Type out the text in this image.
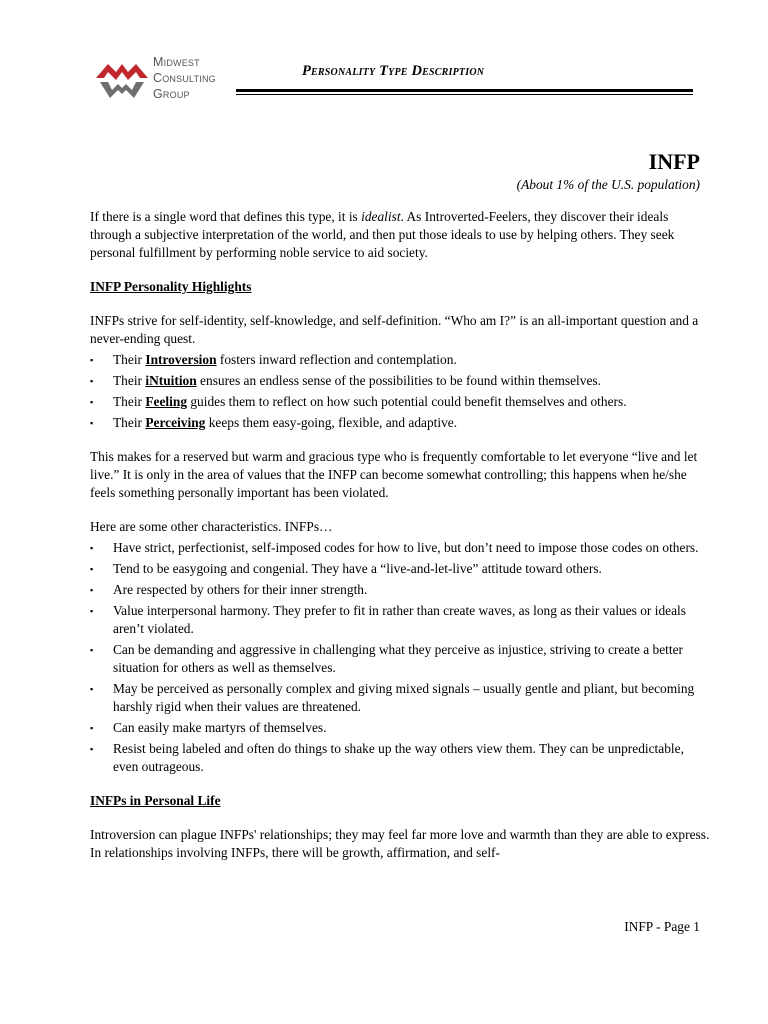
Midwest
Consulting
Group
Personality Type Description
INFP
(About 1% of the U.S. population)

If there is a single word that defines this type, it is idealist. As Introverted-Feelers, they discover their ideals through a subjective interpretation of the world, and then put those ideals to use by helping others. They seek personal fulfillment by performing noble service to aid society.

INFP Personality Highlights

INFPs strive for self-identity, self-knowledge, and self-definition. “Who am I?” is an all-important question and a never-ending quest.

▪ Their Introversion fosters inward reflection and contemplation.
▪ Their iNtuition ensures an endless sense of the possibilities to be found within themselves.
▪ Their Feeling guides them to reflect on how such potential could benefit themselves and others.
▪ Their Perceiving keeps them easy-going, flexible, and adaptive.

This makes for a reserved but warm and gracious type who is frequently comfortable to let everyone “live and let live.” It is only in the area of values that the INFP can become somewhat controlling; this happens when he/she feels something personally important has been violated.

Here are some other characteristics. INFPs…

▪ Have strict, perfectionist, self-imposed codes for how to live, but don’t need to impose those codes on others.
▪ Tend to be easygoing and congenial. They have a “live-and-let-live” attitude toward others.
▪ Are respected by others for their inner strength.
▪ Value interpersonal harmony. They prefer to fit in rather than create waves, as long as their values or ideals aren’t violated.
▪ Can be demanding and aggressive in challenging what they perceive as injustice, striving to create a better situation for others as well as themselves.
▪ May be perceived as personally complex and giving mixed signals – usually gentle and pliant, but becoming harshly rigid when their values are threatened.
▪ Can easily make martyrs of themselves.
▪ Resist being labeled and often do things to shake up the way others view them. They can be unpredictable, even outrageous.

INFPs in Personal Life

Introversion can plague INFPs' relationships; they may feel far more love and warmth than they are able to express. In relationships involving INFPs, there will be growth, affirmation, and self-

INFP - Page 1
